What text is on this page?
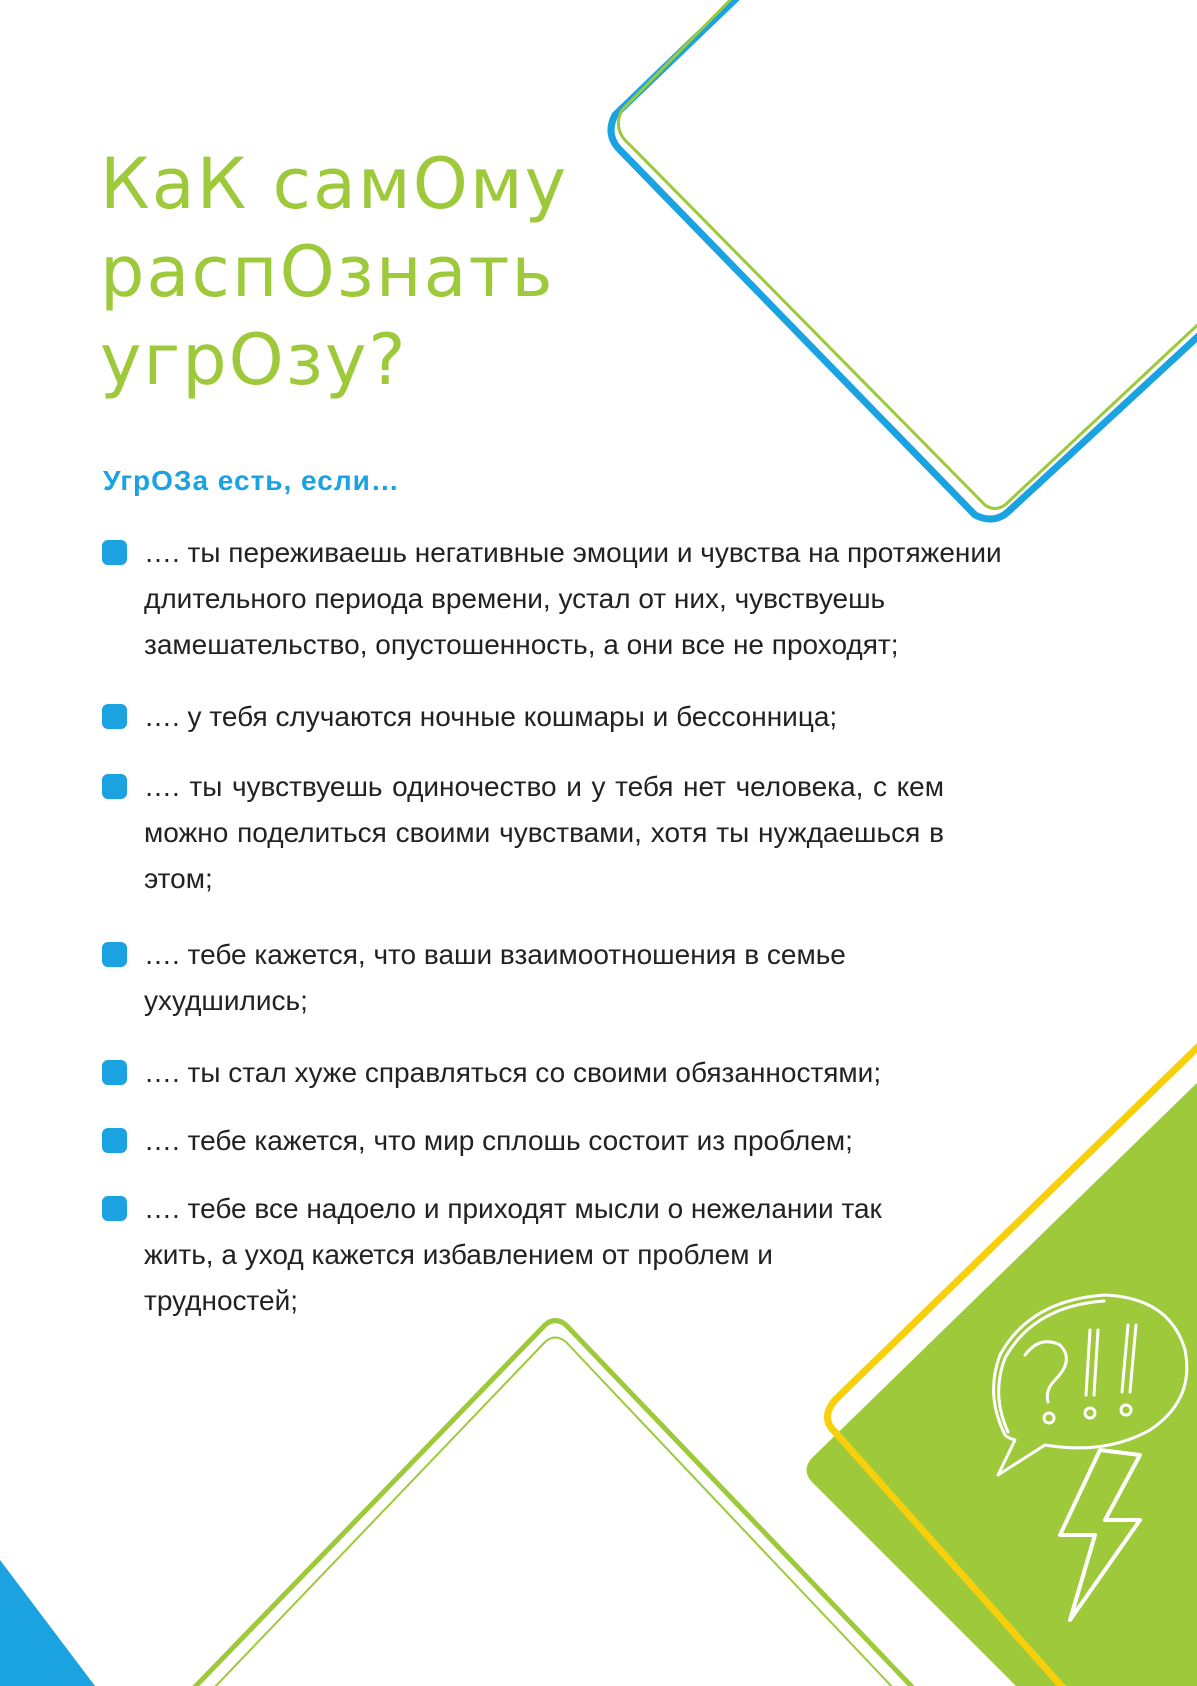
КаК самОму
распОзнать
угрОзу?
УгрОЗа есть, если…
…. ты переживаешь негативные эмоции и чувства на протяжении длительного периода времени, устал от них, чувствуешь замешательство, опустошенность, а они все не проходят;
…. у тебя случаются ночные кошмары и бессонница;
…. ты чувствуешь одиночество и у тебя нет человека, с кем можно поделиться своими чувствами, хотя ты нуждаешься в этом;
…. тебе кажется, что ваши взаимоотношения в семье ухудшились;
…. ты стал хуже справляться со своими обязанностями;
…. тебе кажется, что мир сплошь состоит из проблем;
…. тебе все надоело и приходят мысли о нежелании так жить, а уход кажется избавлением от проблем и трудностей;
